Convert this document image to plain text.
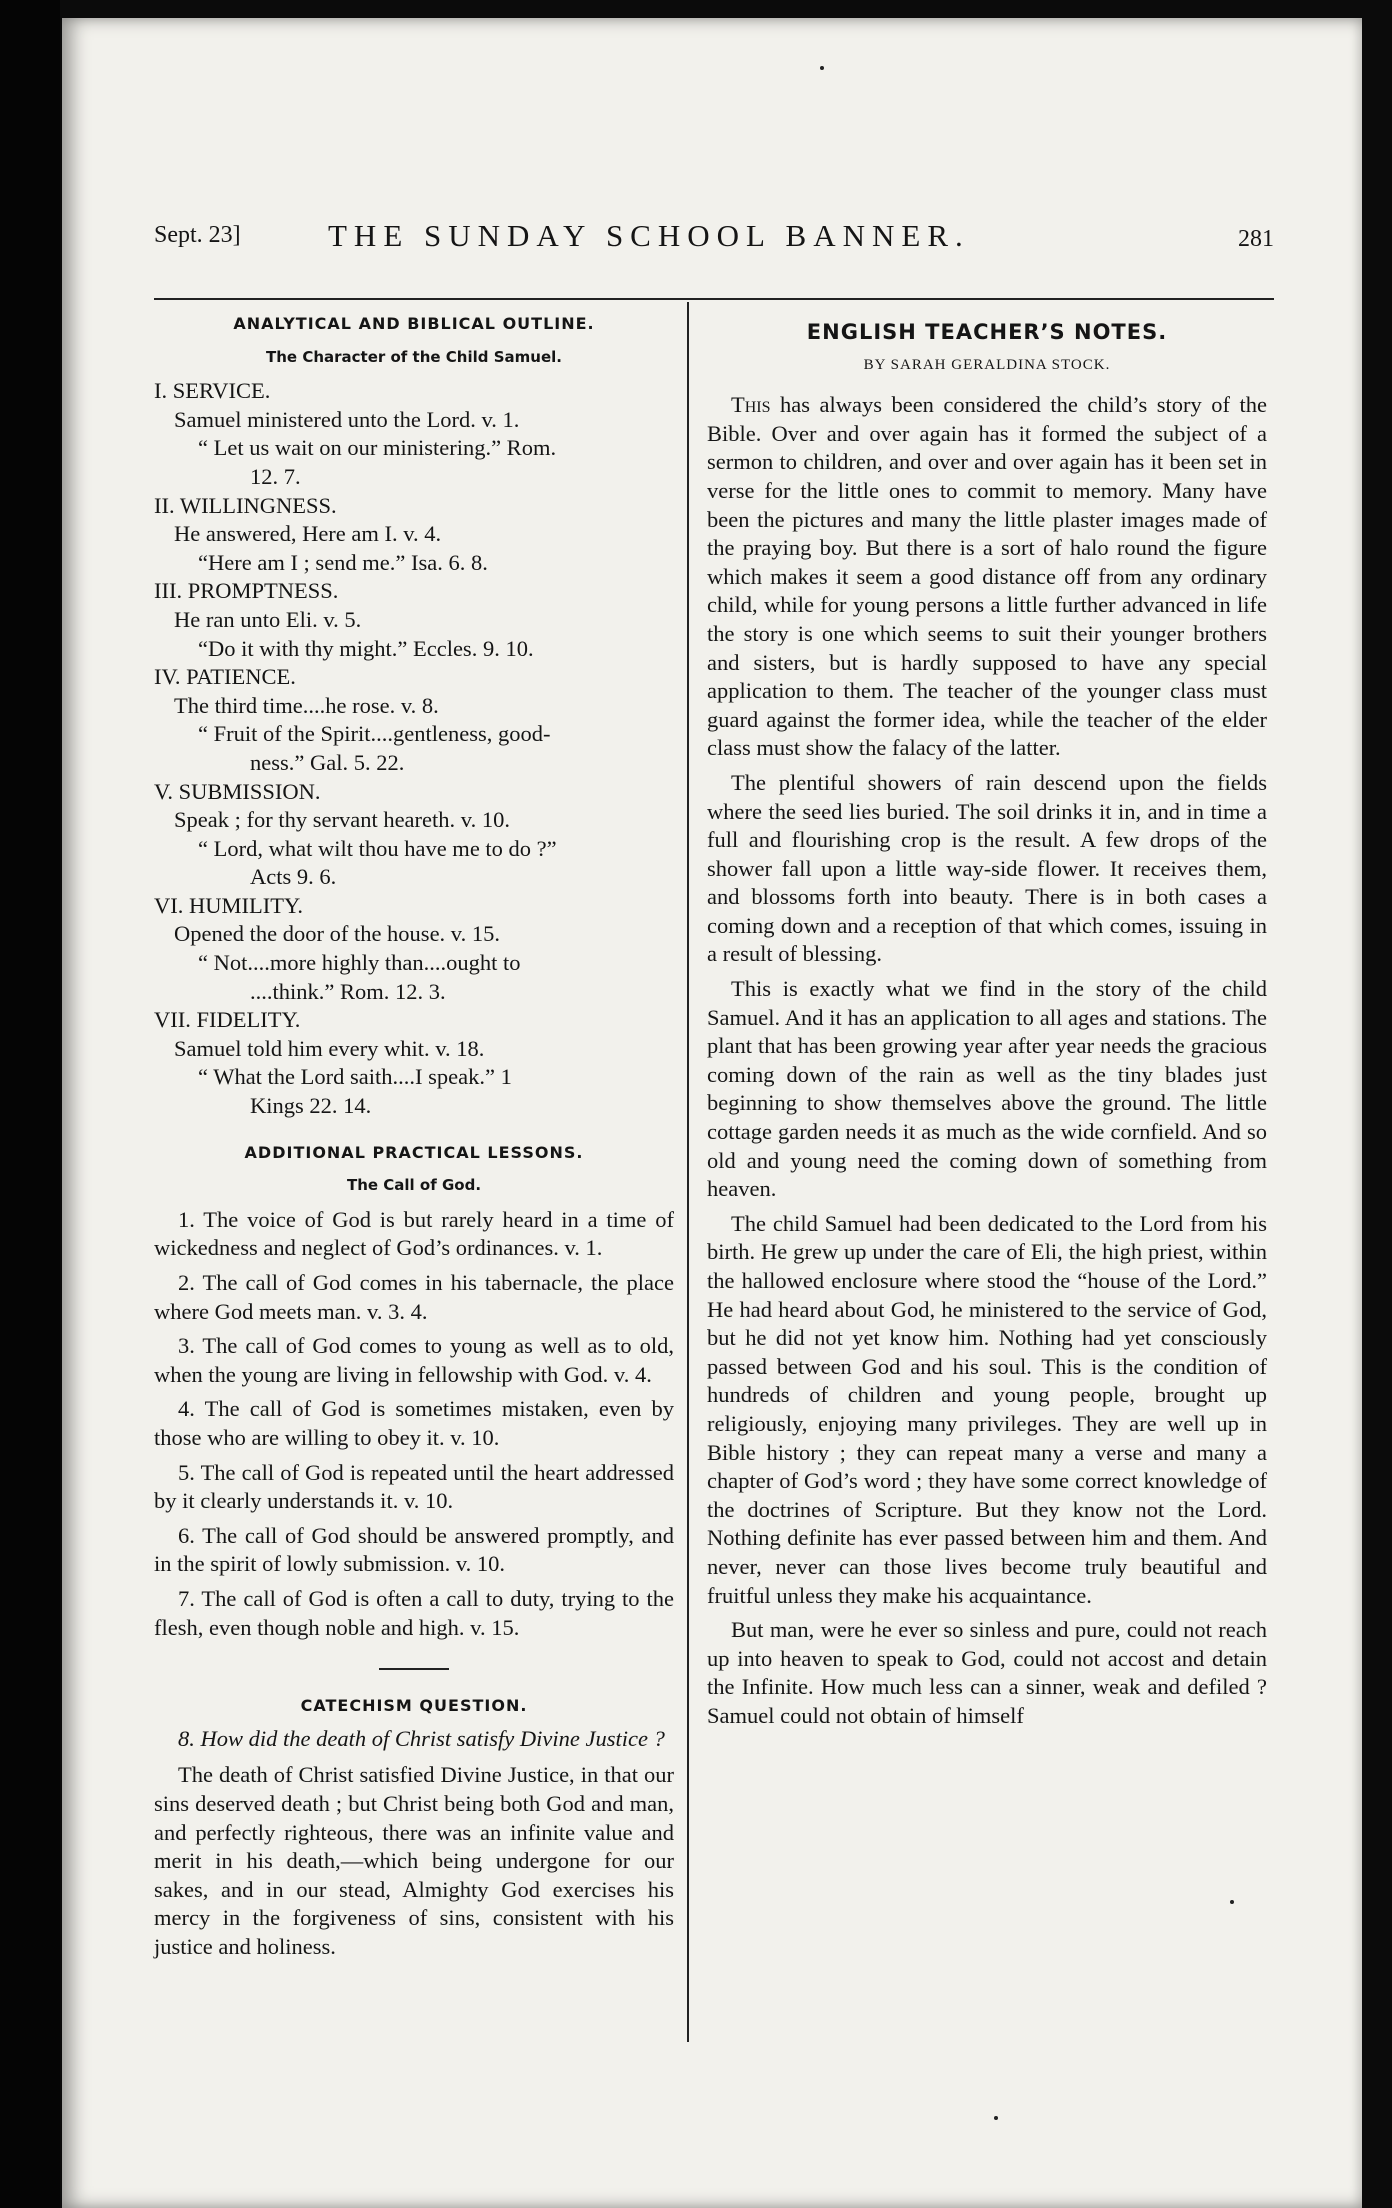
Sept. 23]	THE SUNDAY SCHOOL BANNER.	281
ANALYTICAL AND BIBLICAL OUTLINE.
The Character of the Child Samuel.
I. SERVICE.
Samuel ministered unto the Lord. v. 1.
“ Let us wait on our ministering.” Rom.
12. 7.
II. WILLINGNESS.
He answered, Here am I. v. 4.
“Here am I ; send me.” Isa. 6. 8.
III. PROMPTNESS.
He ran unto Eli. v. 5.
“Do it with thy might.” Eccles. 9. 10.
IV. PATIENCE.
The third time....he rose. v. 8.
“ Fruit of the Spirit....gentleness, good-
ness.” Gal. 5. 22.
V. SUBMISSION.
Speak ; for thy servant heareth. v. 10.
“ Lord, what wilt thou have me to do ?”
Acts 9. 6.
VI. HUMILITY.
Opened the door of the house. v. 15.
“ Not....more highly than....ought to
....think.” Rom. 12. 3.
VII. FIDELITY.
Samuel told him every whit. v. 18.
“ What the Lord saith....I speak.” 1
Kings 22. 14.
ADDITIONAL PRACTICAL LESSONS.
The Call of God.

1. The voice of God is but rarely heard in a time of wickedness and neglect of God’s ordinances. v. 1.

2. The call of God comes in his tabernacle, the place where God meets man. v. 3. 4.

3. The call of God comes to young as well as to old, when the young are living in fellowship with God. v. 4.

4. The call of God is sometimes mistaken, even by those who are willing to obey it. v. 10.

5. The call of God is repeated until the heart addressed by it clearly understands it. v. 10.

6. The call of God should be answered promptly, and in the spirit of lowly submission. v. 10.

7. The call of God is often a call to duty, trying to the flesh, even though noble and high. v. 15.

CATECHISM QUESTION.
8. How did the death of Christ satisfy Divine Justice ?
The death of Christ satisfied Divine Justice, in that our sins deserved death ; but Christ being both God and man, and perfectly righteous, there was an infinite value and merit in his death,—which being undergone for our sakes, and in our stead, Almighty God exercises his mercy in the forgiveness of sins, consistent with his justice and holiness.
ENGLISH TEACHER’S NOTES.
BY SARAH GERALDINA STOCK.

This has always been considered the child’s story of the Bible. Over and over again has it formed the subject of a sermon to children, and over and over again has it been set in verse for the little ones to commit to memory. Many have been the pictures and many the little plaster images made of the praying boy. But there is a sort of halo round the figure which makes it seem a good distance off from any ordinary child, while for young persons a little further advanced in life the story is one which seems to suit their younger brothers and sisters, but is hardly supposed to have any special application to them. The teacher of the younger class must guard against the former idea, while the teacher of the elder class must show the falacy of the latter.

The plentiful showers of rain descend upon the fields where the seed lies buried. The soil drinks it in, and in time a full and flourishing crop is the result. A few drops of the shower fall upon a little way-side flower. It receives them, and blossoms forth into beauty. There is in both cases a coming down and a reception of that which comes, issuing in a result of blessing.

This is exactly what we find in the story of the child Samuel. And it has an application to all ages and stations. The plant that has been growing year after year needs the gracious coming down of the rain as well as the tiny blades just beginning to show themselves above the ground. The little cottage garden needs it as much as the wide cornfield. And so old and young need the coming down of something from heaven.

The child Samuel had been dedicated to the Lord from his birth. He grew up under the care of Eli, the high priest, within the hallowed enclosure where stood the “house of the Lord.” He had heard about God, he ministered to the service of God, but he did not yet know him. Nothing had yet consciously passed between God and his soul. This is the condition of hundreds of children and young people, brought up religiously, enjoying many privileges. They are well up in Bible history ; they can repeat many a verse and many a chapter of God’s word ; they have some correct knowledge of the doctrines of Scripture. But they know not the Lord. Nothing definite has ever passed between him and them. And never, never can those lives become truly beautiful and fruitful unless they make his acquaintance.

But man, were he ever so sinless and pure, could not reach up into heaven to speak to God, could not accost and detain the Infinite. How much less can a sinner, weak and defiled ? Samuel could not obtain of himself
